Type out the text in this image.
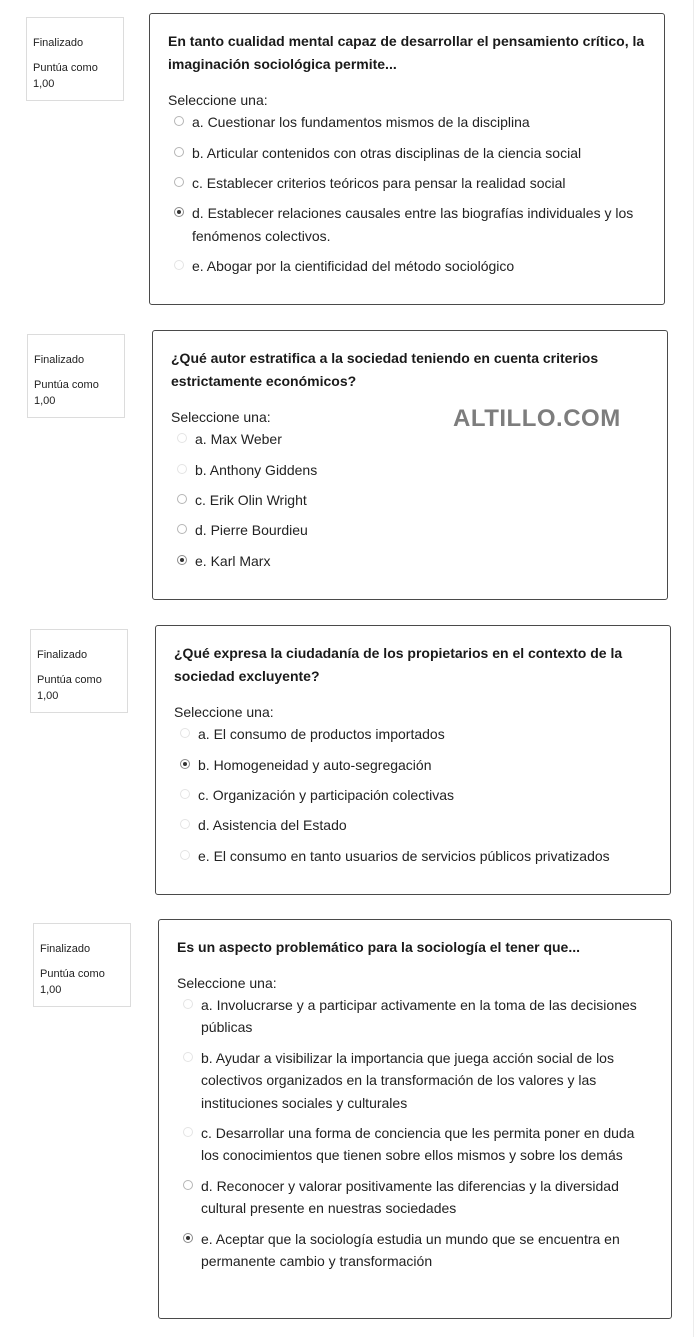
Finalizado
Puntúa como
1,00

En tanto cualidad mental capaz de desarrollar el pensamiento crítico, la imaginación sociológica permite...

Seleccione una:

a. Cuestionar los fundamentos mismos de la disciplina
b. Articular contenidos con otras disciplinas de la ciencia social
c. Establecer criterios teóricos para pensar la realidad social
d. Establecer relaciones causales entre las biografías individuales y los fenómenos colectivos.
e. Abogar por la cientificidad del método sociológico
Finalizado
Puntúa como
1,00

¿Qué autor estratifica a la sociedad teniendo en cuenta criterios estrictamente económicos?

Seleccione una:

a. Max Weber
b. Anthony Giddens
c. Erik Olin Wright
d. Pierre Bourdieu
e. Karl Marx
ALTILLO.COM
Finalizado
Puntúa como
1,00

¿Qué expresa la ciudadanía de los propietarios en el contexto de la sociedad excluyente?

Seleccione una:

a. El consumo de productos importados
b. Homogeneidad y auto-segregación
c. Organización y participación colectivas
d. Asistencia del Estado
e. El consumo en tanto usuarios de servicios públicos privatizados
Finalizado
Puntúa como
1,00

Es un aspecto problemático para la sociología el tener que...

Seleccione una:

a. Involucrarse y a participar activamente en la toma de las decisiones públicas
b. Ayudar a visibilizar la importancia que juega acción social de los colectivos organizados en la transformación de los valores y las instituciones sociales y culturales
c. Desarrollar una forma de conciencia que les permita poner en duda los conocimientos que tienen sobre ellos mismos y sobre los demás
d. Reconocer y valorar positivamente las diferencias y la diversidad cultural presente en nuestras sociedades
e. Aceptar que la sociología estudia un mundo que se encuentra en permanente cambio y transformación
